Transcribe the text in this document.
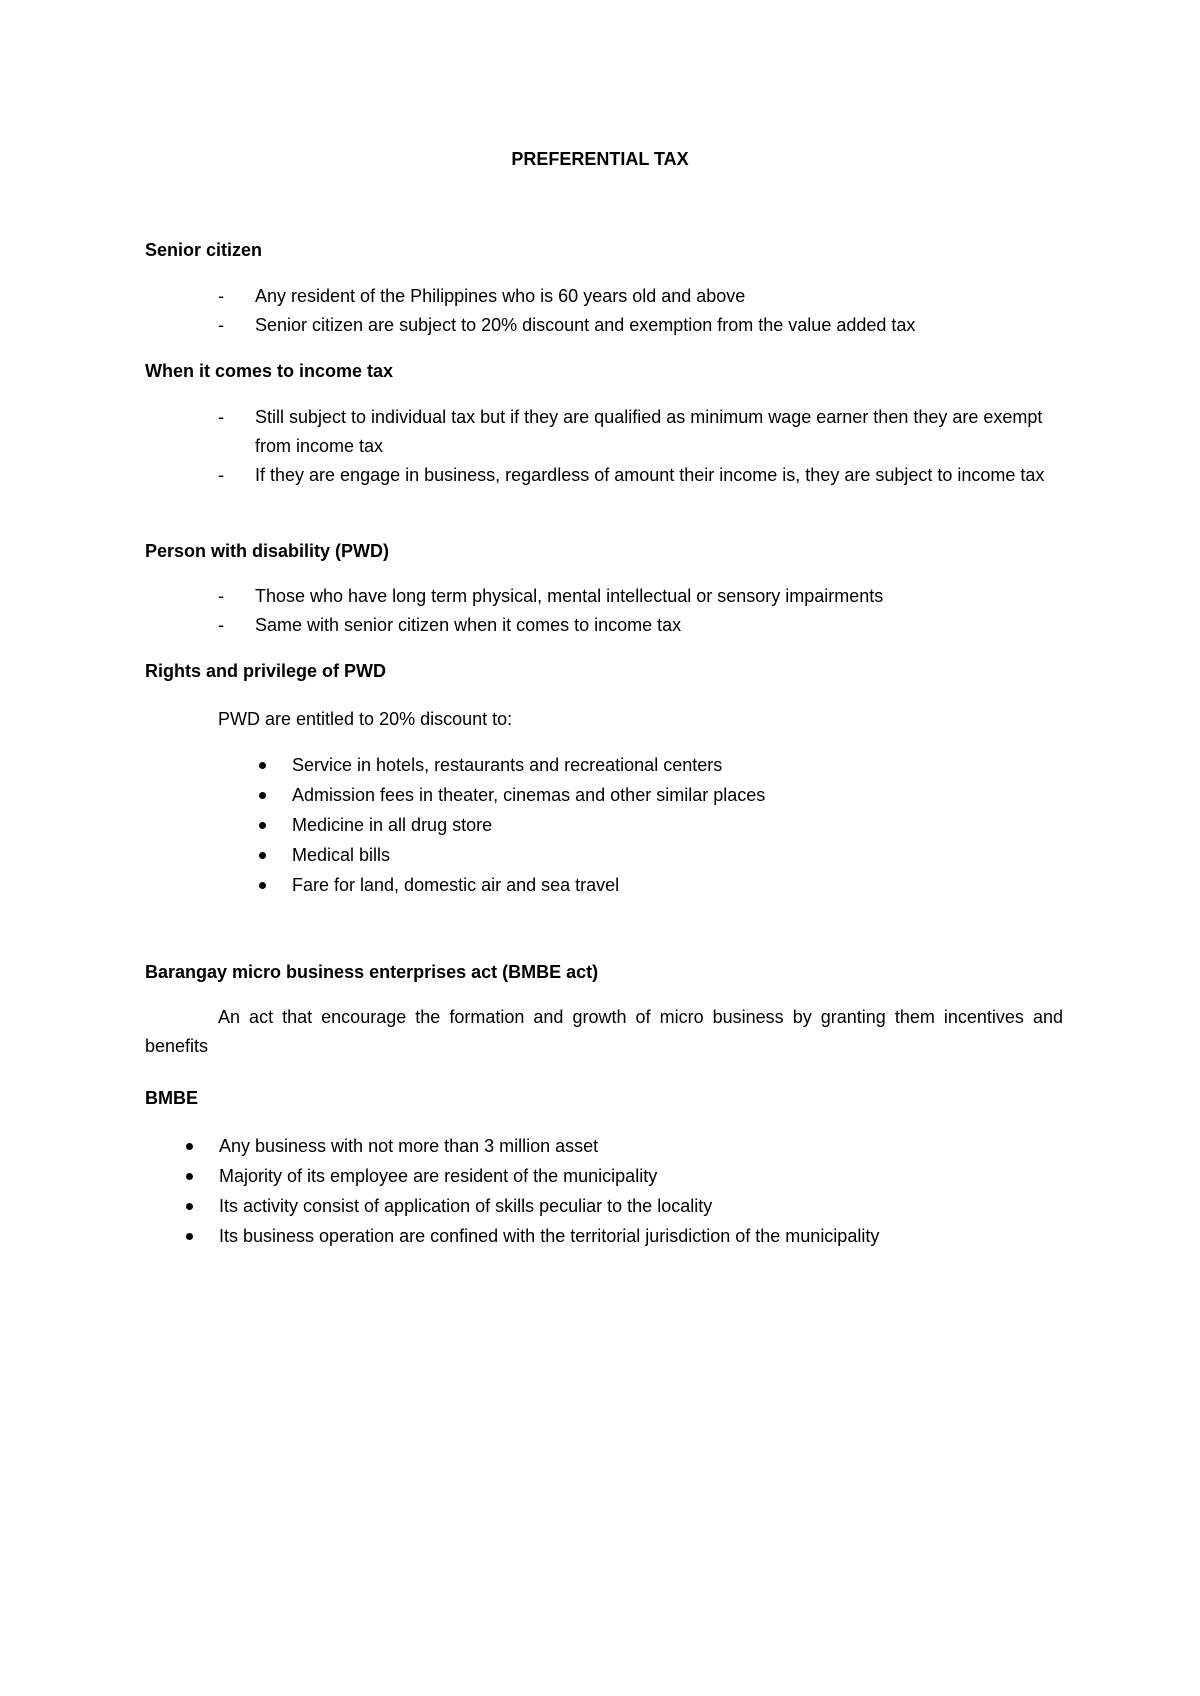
PREFERENTIAL TAX
Senior citizen
- Any resident of the Philippines who is 60 years old and above
- Senior citizen are subject to 20% discount and exemption from the value added tax
When it comes to income tax
- Still subject to individual tax but if they are qualified as minimum wage earner then they are exempt from income tax
- If they are engage in business, regardless of amount their income is, they are subject to income tax
Person with disability (PWD)
- Those who have long term physical, mental intellectual or sensory impairments
- Same with senior citizen when it comes to income tax
Rights and privilege of PWD
PWD are entitled to 20% discount to:
Service in hotels, restaurants and recreational centers
Admission fees in theater, cinemas and other similar places
Medicine in all drug store
Medical bills
Fare for land, domestic air and sea travel
Barangay micro business enterprises act (BMBE act)
An act that encourage the formation and growth of micro business by granting them incentives and benefits
BMBE
Any business with not more than 3 million asset
Majority of its employee are resident of the municipality
Its activity consist of application of skills peculiar to the locality
Its business operation are confined with the territorial jurisdiction of the municipality
